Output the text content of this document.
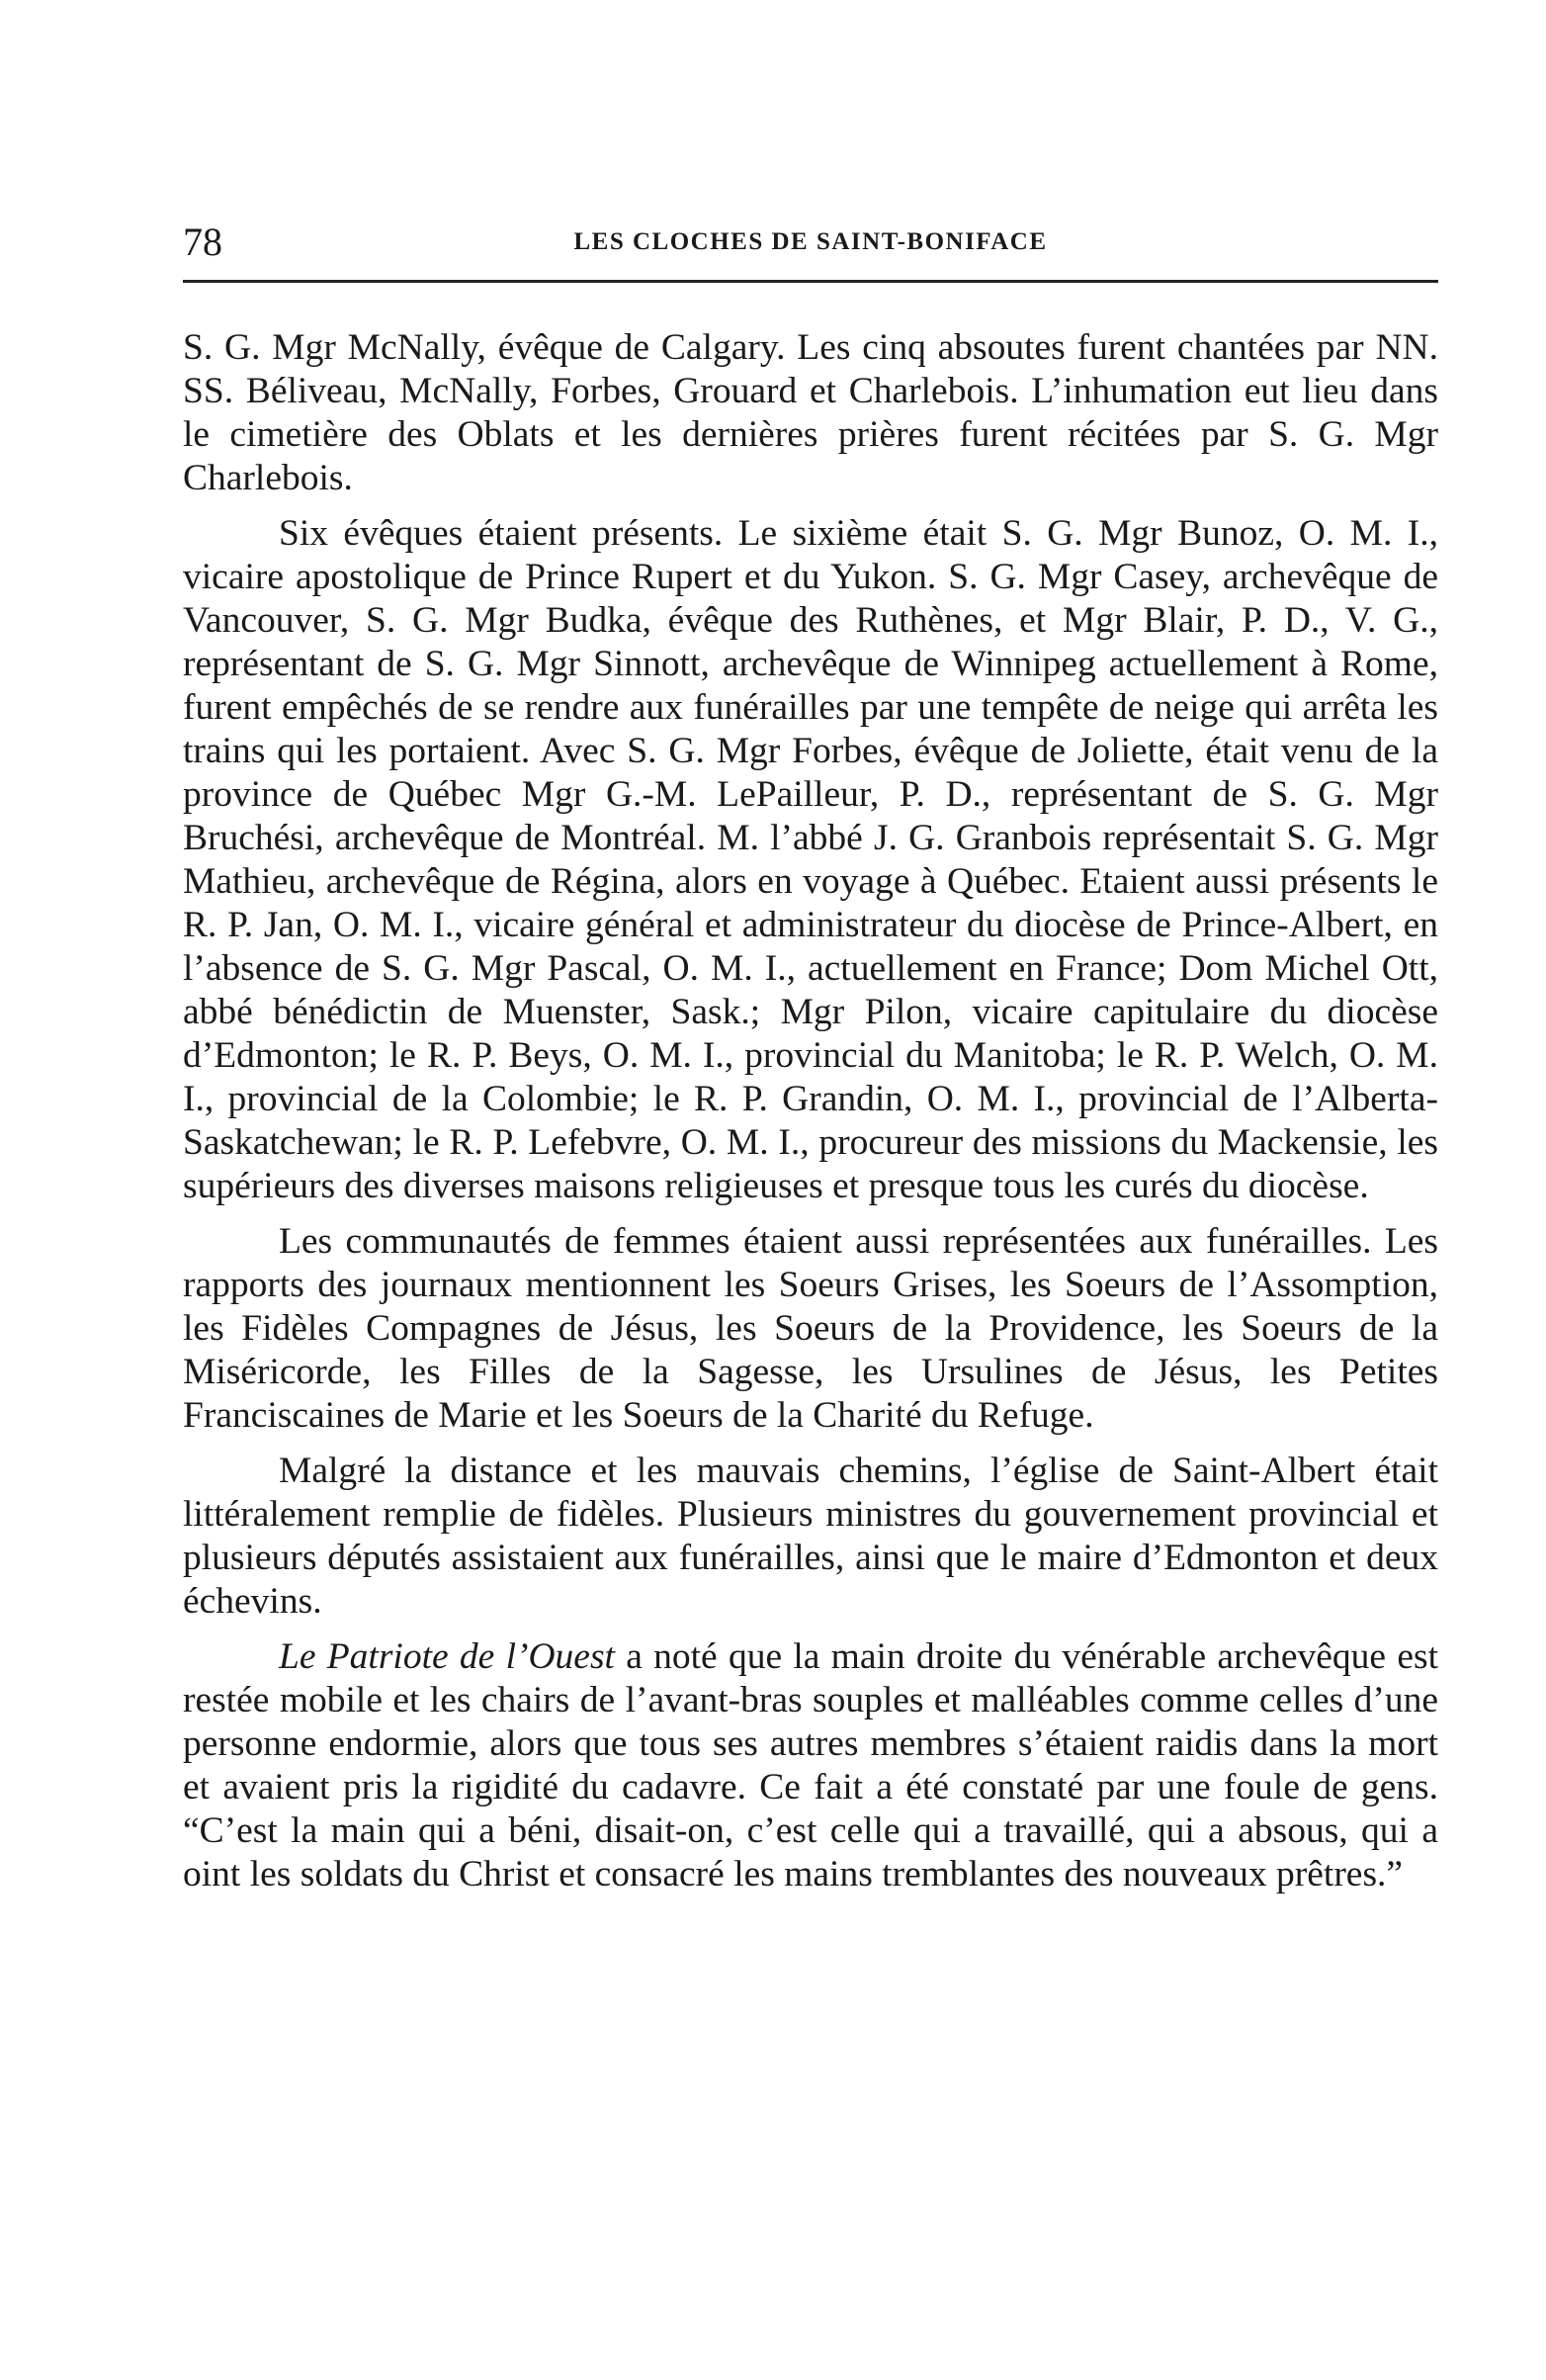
78	LES CLOCHES DE SAINT-BONIFACE

S. G. Mgr McNally, évêque de Calgary. Les cinq absoutes furent chantées par NN. SS. Béliveau, McNally, Forbes, Grouard et Charlebois. L’inhumation eut lieu dans le cimetière des Oblats et les dernières prières furent récitées par S. G. Mgr Charlebois.

Six évêques étaient présents. Le sixième était S. G. Mgr Bunoz, O. M. I., vicaire apostolique de Prince Rupert et du Yukon. S. G. Mgr Casey, archevêque de Vancouver, S. G. Mgr Budka, évêque des Ruthènes, et Mgr Blair, P. D., V. G., représentant de S. G. Mgr Sinnott, archevêque de Winnipeg actuellement à Rome, furent empêchés de se rendre aux funérailles par une tempête de neige qui arrêta les trains qui les portaient. Avec S. G. Mgr Forbes, évêque de Joliette, était venu de la province de Québec Mgr G.-M. LePailleur, P. D., représentant de S. G. Mgr Bruchési, archevêque de Montréal. M. l’abbé J. G. Granbois représentait S. G. Mgr Mathieu, archevêque de Régina, alors en voyage à Québec. Etaient aussi présents le R. P. Jan, O. M. I., vicaire général et administrateur du diocèse de Prince-Albert, en l’absence de S. G. Mgr Pascal, O. M. I., actuellement en France; Dom Michel Ott, abbé bénédictin de Muenster, Sask.; Mgr Pilon, vicaire capitulaire du diocèse d’Edmonton; le R. P. Beys, O. M. I., provincial du Manitoba; le R. P. Welch, O. M. I., provincial de la Colombie; le R. P. Grandin, O. M. I., provincial de l’Alberta-Saskatchewan; le R. P. Lefebvre, O. M. I., procureur des missions du Mackensie, les supérieurs des diverses maisons religieuses et presque tous les curés du diocèse.

Les communautés de femmes étaient aussi représentées aux funérailles. Les rapports des journaux mentionnent les Soeurs Grises, les Soeurs de l’Assomption, les Fidèles Compagnes de Jésus, les Soeurs de la Providence, les Soeurs de la Miséricorde, les Filles de la Sagesse, les Ursulines de Jésus, les Petites Franciscaines de Marie et les Soeurs de la Charité du Refuge.

Malgré la distance et les mauvais chemins, l’église de Saint-Albert était littéralement remplie de fidèles. Plusieurs ministres du gouvernement provincial et plusieurs députés assistaient aux funérailles, ainsi que le maire d’Edmonton et deux échevins.

Le Patriote de l’Ouest a noté que la main droite du vénérable archevêque est restée mobile et les chairs de l’avant-bras souples et malléables comme celles d’une personne endormie, alors que tous ses autres membres s’étaient raidis dans la mort et avaient pris la rigidité du cadavre. Ce fait a été constaté par une foule de gens. “C’est la main qui a béni, disait-on, c’est celle qui a travaillé, qui a absous, qui a oint les soldats du Christ et consacré les mains tremblantes des nouveaux prêtres.”
